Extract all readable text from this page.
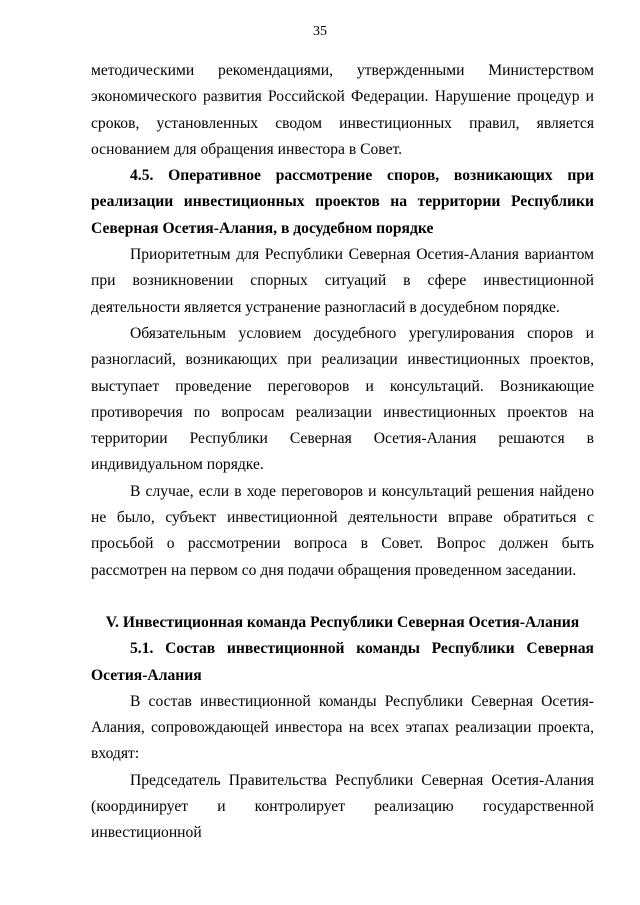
35

методическими рекомендациями, утвержденными Министерством экономического развития Российской Федерации. Нарушение процедур и сроков, установленных сводом инвестиционных правил, является основанием для обращения инвестора в Совет.

4.5. Оперативное рассмотрение споров, возникающих при реализации инвестиционных проектов на территории Республики Северная Осетия-Алания, в досудебном порядке

Приоритетным для Республики Северная Осетия-Алания вариантом при возникновении спорных ситуаций в сфере инвестиционной деятельности является устранение разногласий в досудебном порядке.

Обязательным условием досудебного урегулирования споров и разногласий, возникающих при реализации инвестиционных проектов, выступает проведение переговоров и консультаций. Возникающие противоречия по вопросам реализации инвестиционных проектов на территории Республики Северная Осетия-Алания решаются в индивидуальном порядке.

В случае, если в ходе переговоров и консультаций решения найдено не было, субъект инвестиционной деятельности вправе обратиться с просьбой о рассмотрении вопроса в Совет. Вопрос должен быть рассмотрен на первом со дня подачи обращения проведенном заседании.

V. Инвестиционная команда Республики Северная Осетия-Алания

5.1. Состав инвестиционной команды Республики Северная Осетия-Алания

В состав инвестиционной команды Республики Северная Осетия-Алания, сопровождающей инвестора на всех этапах реализации проекта, входят:

Председатель Правительства Республики Северная Осетия-Алания (координирует и контролирует реализацию государственной инвестиционной
